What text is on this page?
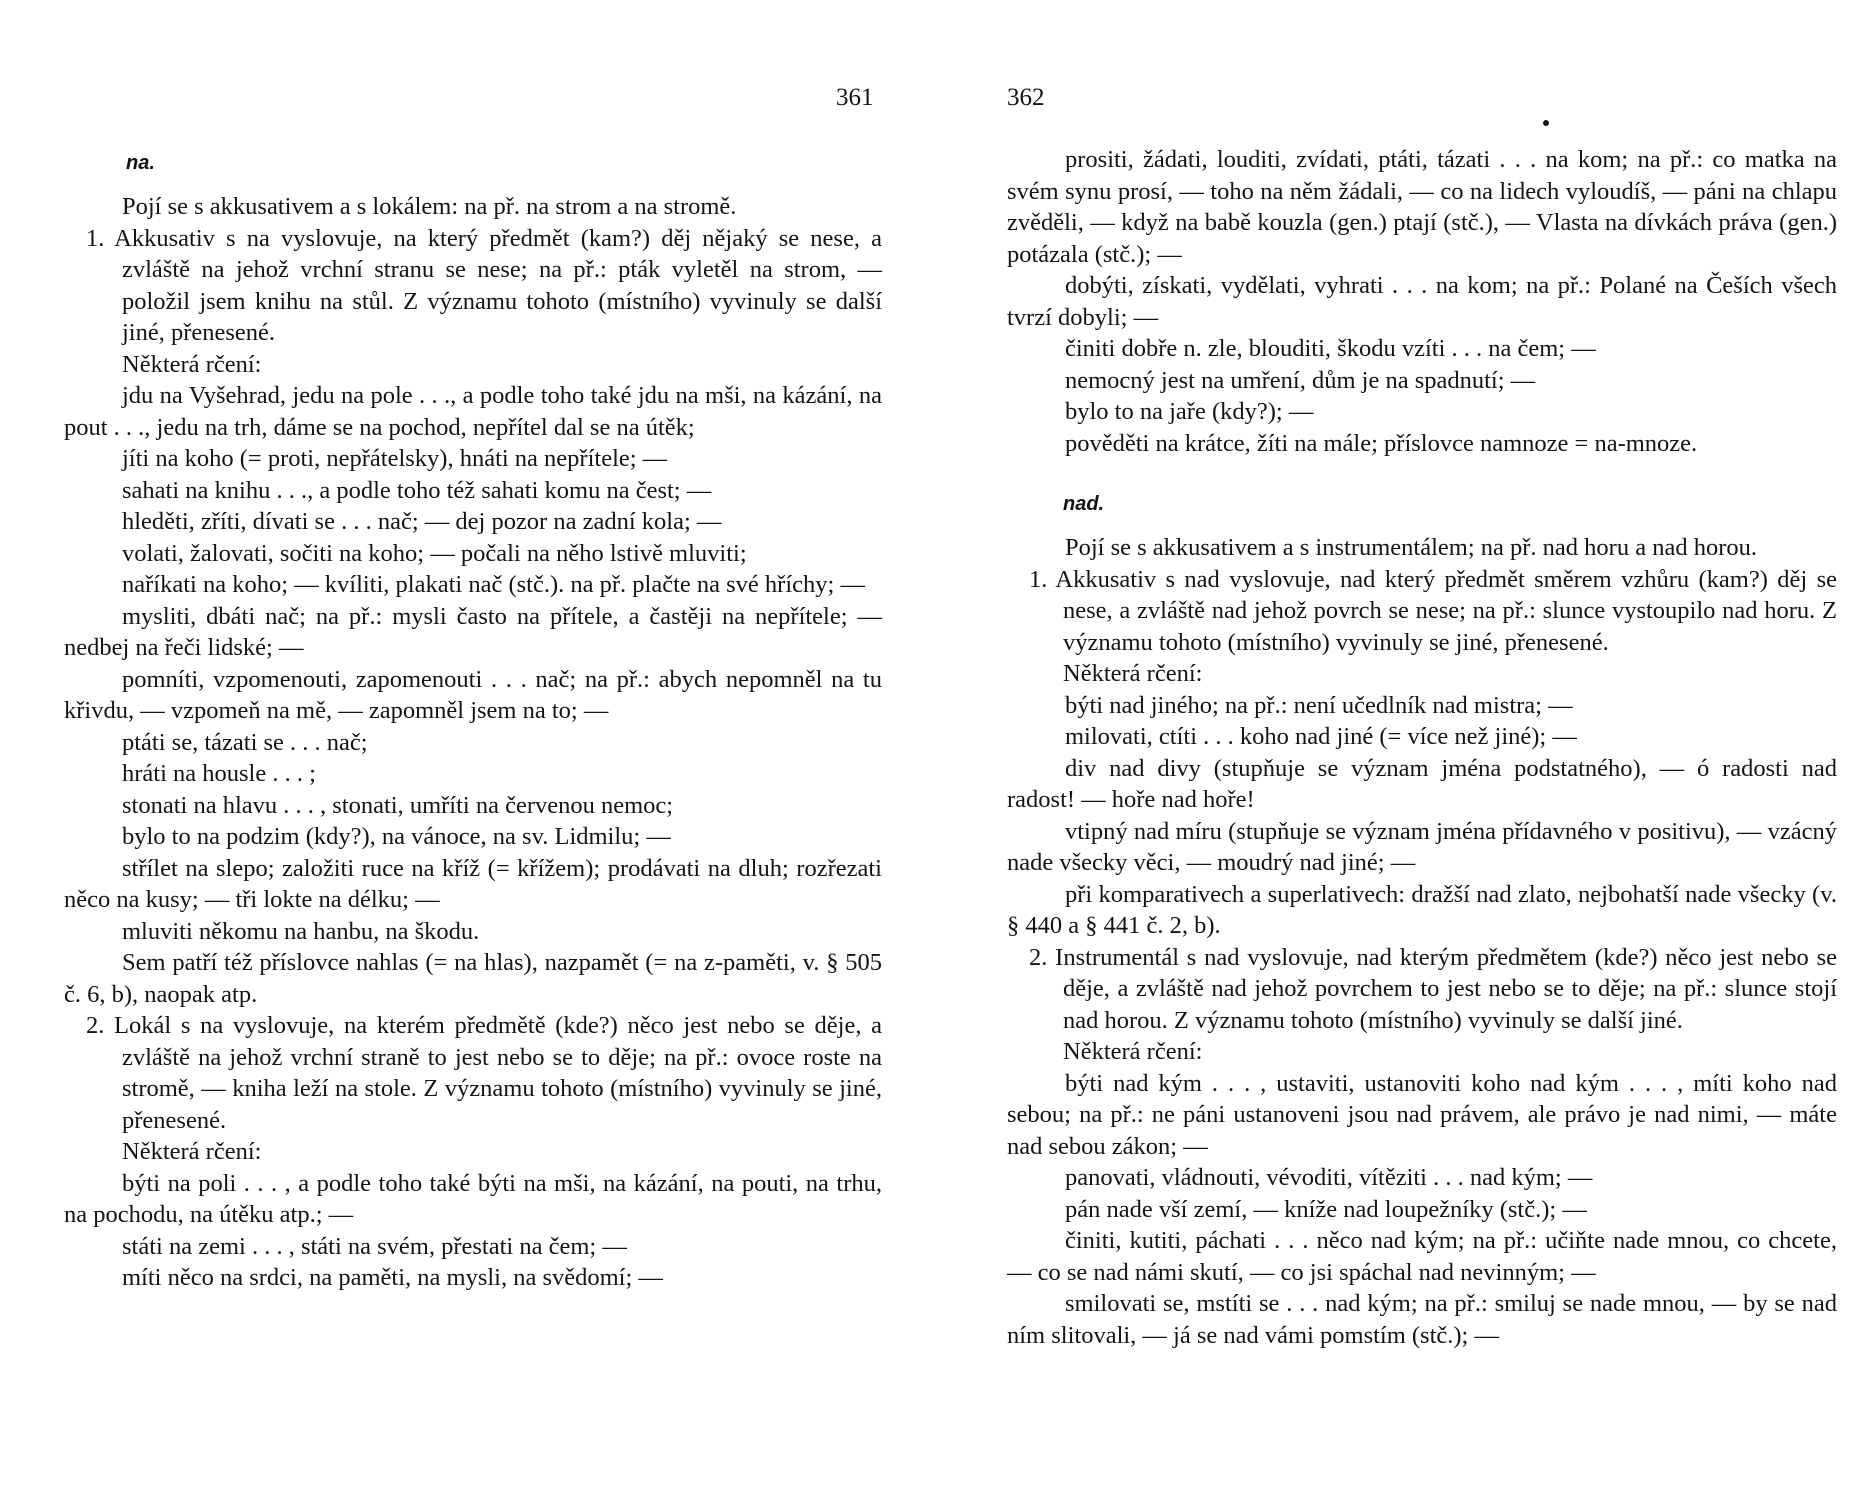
361
na.

Pojí se s akkusativem a s lokálem: na př. na strom a na stromě.

1. Akkusativ s na vyslovuje, na který předmět (kam?) děj nějaký se nese, a zvláště na jehož vrchní stranu se nese; na př.: pták vyletěl na strom, — položil jsem knihu na stůl. Z významu tohoto (místního) vyvinuly se další jiné, přenesené.

Některá rčení:

jdu na Vyšehrad, jedu na pole . . ., a podle toho také jdu na mši, na kázání, na pout . . ., jedu na trh, dáme se na pochod, nepřítel dal se na útěk;

jíti na koho (= proti, nepřátelsky), hnáti na nepřítele; —

sahati na knihu . . ., a podle toho též sahati komu na čest; —

hleděti, zříti, dívati se . . . nač; — dej pozor na zadní kola; —

volati, žalovati, sočiti na koho; — počali na něho lstivě mluviti;

naříkati na koho; — kvíliti, plakati nač (stč.). na př. plačte na své hříchy; —

mysliti, dbáti nač; na př.: mysli často na přítele, a častěji na nepřítele; — nedbej na řeči lidské; —

pomníti, vzpomenouti, zapomenouti . . . nač; na př.: abych nepomněl na tu křivdu, — vzpomeň na mě, — zapomněl jsem na to; —

ptáti se, tázati se . . . nač;

hráti na housle . . . ;

stonati na hlavu . . . , stonati, umříti na červenou nemoc;

bylo to na podzim (kdy?), na vánoce, na sv. Lidmilu; —

střílet na slepo; založiti ruce na kříž (= křížem); prodávati na dluh; rozřezati něco na kusy; — tři lokte na délku; —

mluviti někomu na hanbu, na škodu.

Sem patří též příslovce nahlas (= na hlas), nazpamět (= na z-paměti, v. § 505 č. 6, b), naopak atp.

2. Lokál s na vyslovuje, na kterém předmětě (kde?) něco jest nebo se děje, a zvláště na jehož vrchní straně to jest nebo se to děje; na př.: ovoce roste na stromě, — kniha leží na stole. Z významu tohoto (místního) vyvinuly se jiné, přenesené.

Některá rčení:

býti na poli . . . , a podle toho také býti na mši, na kázání, na pouti, na trhu, na pochodu, na útěku atp.; —

státi na zemi . . . , státi na svém, přestati na čem; —

míti něco na srdci, na paměti, na mysli, na svědomí; —

362

prositi, žádati, louditi, zvídati, ptáti, tázati . . . na kom; na př.: co matka na svém synu prosí, — toho na něm žádali, — co na lidech vyloudíš, — páni na chlapu zvěděli, — když na babě kouzla (gen.) ptají (stč.), — Vlasta na dívkách práva (gen.) potázala (stč.); —

dobýti, získati, vydělati, vyhrati . . . na kom; na př.: Polané na Češích všech tvrzí dobyli; —

činiti dobře n. zle, blouditi, škodu vzíti . . . na čem; —

nemocný jest na umření, dům je na spadnutí; —

bylo to na jaře (kdy?); —

pověděti na krátce, žíti na mále; příslovce namnoze = na-mnoze.

nad.

Pojí se s akkusativem a s instrumentálem; na př. nad horu a nad horou.

1. Akkusativ s nad vyslovuje, nad který předmět směrem vzhůru (kam?) děj se nese, a zvláště nad jehož povrch se nese; na př.: slunce vystoupilo nad horu. Z významu tohoto (místního) vyvinuly se jiné, přenesené.

Některá rčení:

býti nad jiného; na př.: není učedlník nad mistra; —

milovati, ctíti . . . koho nad jiné (= více než jiné); —

div nad divy (stupňuje se význam jména podstatného), — ó radosti nad radost! — hoře nad hoře!

vtipný nad míru (stupňuje se význam jména přídavného v positivu), — vzácný nade všecky věci, — moudrý nad jiné; —

při komparativech a superlativech: dražší nad zlato, nejbohatší nade všecky (v. § 440 a § 441 č. 2, b).

2. Instrumentál s nad vyslovuje, nad kterým předmětem (kde?) něco jest nebo se děje, a zvláště nad jehož povrchem to jest nebo se to děje; na př.: slunce stojí nad horou. Z významu tohoto (místního) vyvinuly se další jiné.

Některá rčení:

býti nad kým . . . , ustaviti, ustanoviti koho nad kým . . . , míti koho nad sebou; na př.: ne páni ustanoveni jsou nad právem, ale právo je nad nimi, — máte nad sebou zákon; —

panovati, vládnouti, vévoditi, vítěziti . . . nad kým; —

pán nade vší zemí, — kníže nad loupežníky (stč.); —

činiti, kutiti, páchati . . . něco nad kým; na př.: učiňte nade mnou, co chcete, — co se nad námi skutí, — co jsi spáchal nad nevinným; —

smilovati se, mstíti se . . . nad kým; na př.: smiluj se nade mnou, — by se nad ním slitovali, — já se nad vámi pomstím (stč.); —
